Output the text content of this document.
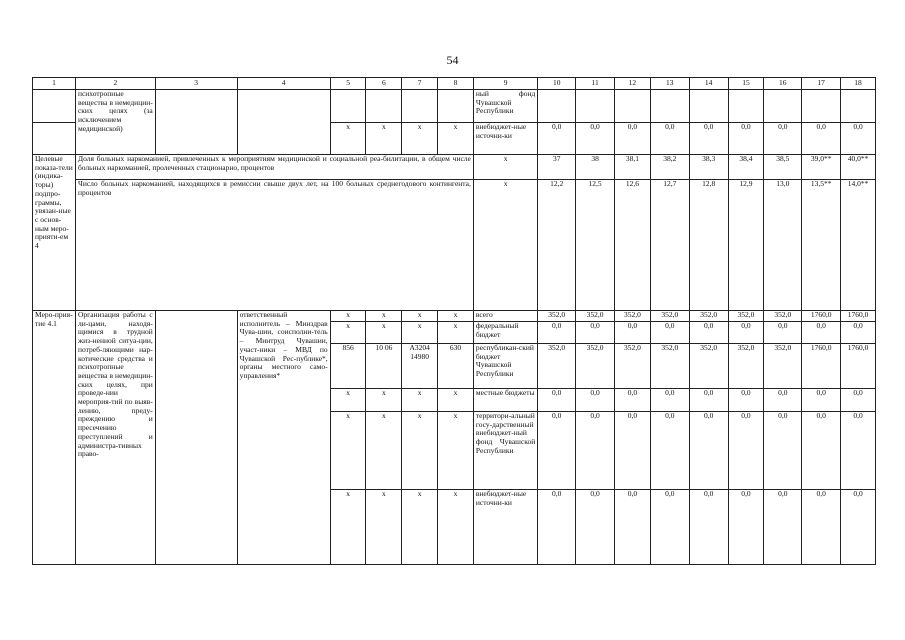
54
1	2	3	4	5	6	7	8	9	10	11	12	13	14	15	16	17	18
	психотропные вещества в немедицин-ских целях (за исключением медицинской)							ный фонд Чувашской Республики									
				x	x	x	x	внебюджет-ные источни-ки	0,0	0,0	0,0	0,0	0,0	0,0	0,0	0,0	0,0
Целевые показа-тели (индика-торы) подпро-граммы, увязан-ные с основ-ным меро-прияти-ем 4	Доля больных наркоманией, привлеченных к мероприятиям медицинской и социальной реа-билитации, в общем числе больных наркоманией, пролеченных стационарно, процентов							x	37	38	38,1	38,2	38,3	38,4	38,5	39,0**	40,0**
	Число больных наркоманией, находящихся в ремиссии свыше двух лет, на 100 больных среднегодового контингента, процентов							x	12,2	12,5	12,6	12,7	12,8	12,9	13,0	13,5**	14,0**
Меро-прия-тие 4.1	Организация работы с ли-цами, находя-щимися в трудной жиз-ненной ситуа-ции, потреб-ляющими нар-котические средства и психотропные вещества в немедицин-ских целях, при проведе-нии мероприя-тий по выяв-лению, преду-преждению и пресечению преступлений и администра-тивных право-		ответственный исполнитель – Минздрав Чува-шии, соисполни-тель – Минтруд Чувашии, участ-ники – МВД по Чувашской Рес-публике*, органы местного само-управления*	x	x	x	x	всего	352,0	352,0	352,0	352,0	352,0	352,0	352,0	1760,0	1760,0
				x	x	x	x	федеральный бюджет	0,0	0,0	0,0	0,0	0,0	0,0	0,0	0,0	0,0
				856	10 06	A3204 14980	630	республикан-ский бюджет Чувашской Республики	352,0	352,0	352,0	352,0	352,0	352,0	352,0	1760,0	1760,0
				x	x	x	x	местные бюджеты	0,0	0,0	0,0	0,0	0,0	0,0	0,0	0,0	0,0
				x	x	x	x	территори-альный госу-дарственный внебюджет-ный фонд Чувашской Республики	0,0	0,0	0,0	0,0	0,0	0,0	0,0	0,0	0,0
				x	x	x	x	внебюджет-ные источни-ки	0,0	0,0	0,0	0,0	0,0	0,0	0,0	0,0	0,0
